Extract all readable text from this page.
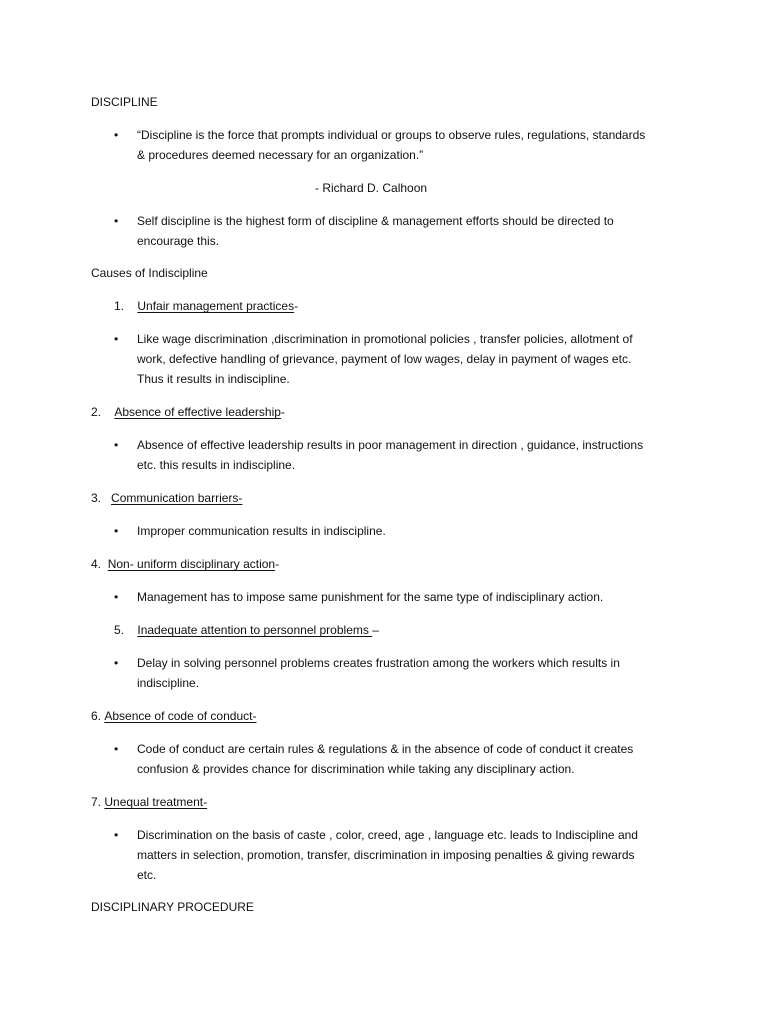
DISCIPLINE
• “Discipline is the force that prompts individual or groups to observe rules, regulations, standards
& procedures deemed necessary for an organization.”
- Richard D. Calhoon
• Self discipline is the highest form of discipline & management efforts should be directed to
encourage this.
Causes of Indiscipline
1. Unfair management practices-
• Like wage discrimination ,discrimination in promotional policies , transfer policies, allotment of
work, defective handling of grievance, payment of low wages, delay in payment of wages etc.
Thus it results in indiscipline.
2. Absence of effective leadership-
• Absence of effective leadership results in poor management in direction , guidance, instructions
etc. this results in indiscipline.
3. Communication barriers-
• Improper communication results in indiscipline.
4. Non- uniform disciplinary action-
• Management has to impose same punishment for the same type of indisciplinary action.
5. Inadequate attention to personnel problems –
• Delay in solving personnel problems creates frustration among the workers which results in
indiscipline.
6. Absence of code of conduct-
• Code of conduct are certain rules & regulations & in the absence of code of conduct it creates
confusion & provides chance for discrimination while taking any disciplinary action.
7. Unequal treatment-
• Discrimination on the basis of caste , color, creed, age , language etc. leads to Indiscipline and
matters in selection, promotion, transfer, discrimination in imposing penalties & giving rewards
etc.
DISCIPLINARY PROCEDURE
